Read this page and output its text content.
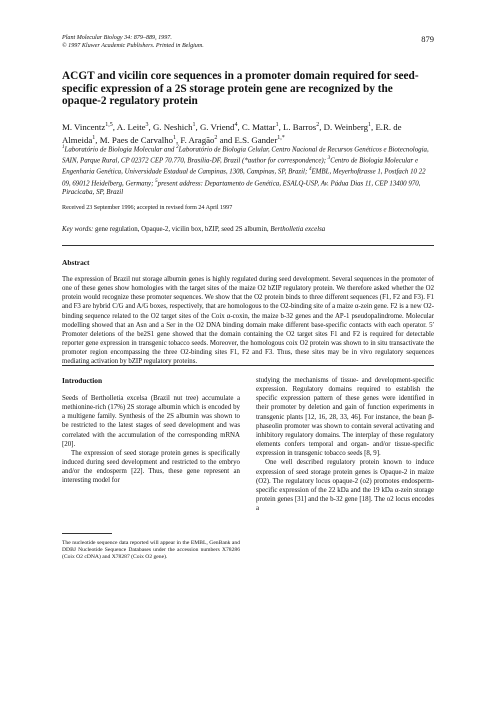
Plant Molecular Biology 34: 879–889, 1997.
© 1997 Kluwer Academic Publishers. Printed in Belgium.
879
ACGT and vicilin core sequences in a promoter domain required for seed-specific expression of a 2S storage protein gene are recognized by the opaque-2 regulatory protein
M. Vincentz$^{1,5}$, A. Leite$^3$, G. Neshich$^1$, G. Vriend$^4$, C. Mattar$^1$, L. Barros$^2$, D. Weinberg$^1$, E.R. de Almeida$^1$, M. Paes de Carvalho$^1$, F. Aragão$^2$ and E.S. Gander$^{1,*}$
$^1$Laboratório de Biologia Molecular and $^2$Laboratório de Biologia Celular, Centro Nacional de Recursos Genéticos e Biotecnologia, SAIN, Parque Rural, CP 02372 CEP 70.770, Brasília-DF, Brazil (*author for correspondence); $^3$Centro de Biologia Molecular e Engenharia Genética, Universidade Estadual de Campinas, 1308, Campinas, SP, Brazil; $^4$EMBL, Meyerhoftrasse 1, Postfach 10 22 09, 69012 Heidelberg, Germany; $^5$present address: Departamento de Genética, ESALQ-USP, Av. Pádua Dias 11, CEP 13400 970, Piracicaba, SP, Brazil
Received 23 September 1996; accepted in revised form 24 April 1997
Key words: gene regulation, Opaque-2, vicilin box, bZIP, seed 2S albumin, Bertholletia excelsa
Abstract
The expression of Brazil nut storage albumin genes is highly regulated during seed development. Several sequences in the promoter of one of these genes show homologies with the target sites of the maize O2 bZIP regulatory protein. We therefore asked whether the O2 protein would recognize these promoter sequences. We show that the O2 protein binds to three different sequences (F1, F2 and F3). F1 and F3 are hybrid C/G and A/G boxes, respectively, that are homologous to the O2-binding site of a maize α-zein gene. F2 is a new O2-binding sequence related to the O2 target sites of the Coix α-coxin, the maize b-32 genes and the AP-1 pseudopalindrome. Molecular modelling showed that an Asn and a Ser in the O2 DNA binding domain make different base-specific contacts with each operator. 5′ Promoter deletions of the be2S1 gene showed that the domain containing the O2 target sites F1 and F2 is required for detectable reporter gene expression in transgenic tobacco seeds. Moreover, the homologous coix O2 protein was shown to in situ transactivate the promoter region encompassing the three O2-binding sites F1, F2 and F3. Thus, these sites may be in vivo regulatory sequences mediating activation by bZIP regulatory proteins.
Introduction

Seeds of Bertholletia excelsa (Brazil nut tree) accumulate a methionine-rich (17%) 2S storage albumin which is encoded by a multigene family. Synthesis of the 2S albumin was shown to be restricted to the latest stages of seed development and was correlated with the accumulation of the corresponding mRNA [20].

The expression of seed storage protein genes is specifically induced during seed development and restricted to the embryo and/or the endosperm [22]. Thus, these gene represent an interesting model for

studying the mechanisms of tissue- and development-specific expression. Regulatory domains required to establish the specific expression pattern of these genes were identified in their promoter by deletion and gain of function experiments in transgenic plants [12, 16, 28, 33, 46]. For instance, the bean β-phaseolin promoter was shown to contain several activating and inhibitory regulatory domains. The interplay of these regulatory elements confers temporal and organ- and/or tissue-specific expression in transgenic tobacco seeds [8, 9].

One well described regulatory protein known to induce expression of seed storage protein genes is Opaque-2 in maize (O2). The regulatory locus opaque-2 (o2) promotes endosperm-specific expression of the 22 kDa and the 19 kDa α-zein storage protein genes [31] and the b-32 gene [18]. The o2 locus encodes a

The nucleotide sequence data reported will appear in the EMBL, GenBank and DDBJ Nucleotide Sequence Databases under the accession numbers X78286 (Coix O2 cDNA) and X78287 (Coix O2 gene).
